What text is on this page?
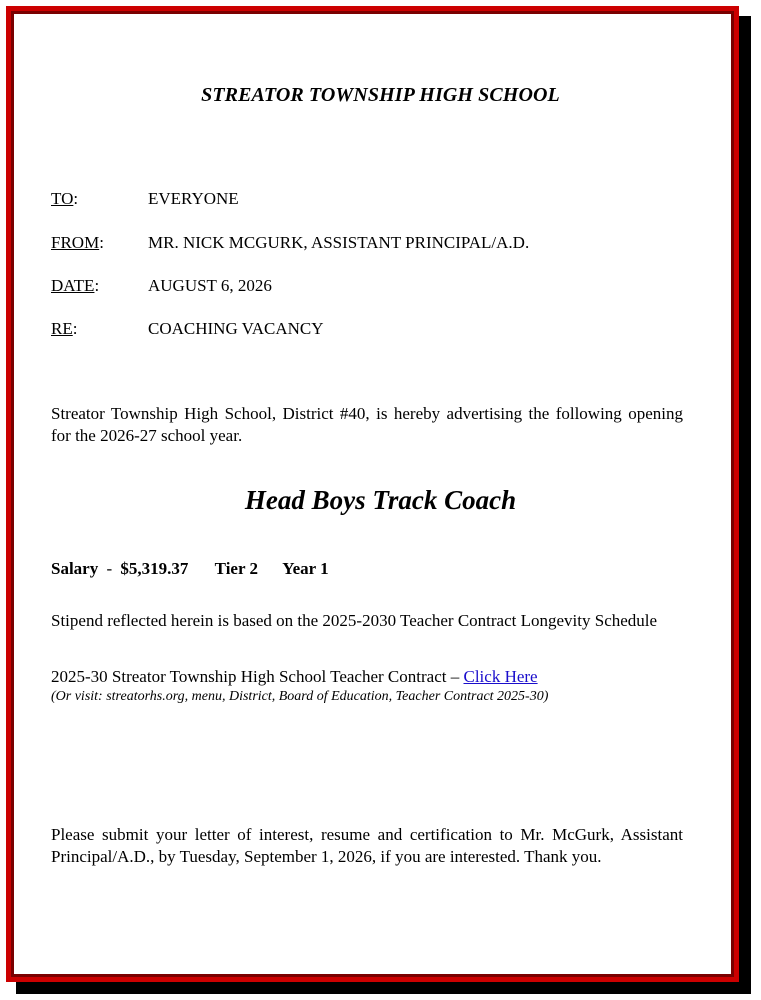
STREATOR TOWNSHIP HIGH SCHOOL
TO:	EVERYONE
FROM:	MR. NICK MCGURK, ASSISTANT PRINCIPAL/A.D.
DATE:	AUGUST 6, 2026
RE:	COACHING VACANCY
Streator Township High School, District #40, is hereby advertising the following opening for the 2026-27 school year.
Head Boys Track Coach
Salary - $5,319.37 Tier 2 Year 1
Stipend reflected herein is based on the 2025-2030 Teacher Contract Longevity Schedule
2025-30 Streator Township High School Teacher Contract – Click Here
(Or visit: streatorhs.org, menu, District, Board of Education, Teacher Contract 2025-30)
Please submit your letter of interest, resume and certification to Mr. McGurk, Assistant Principal/A.D., by Tuesday, September 1, 2026, if you are interested. Thank you.
